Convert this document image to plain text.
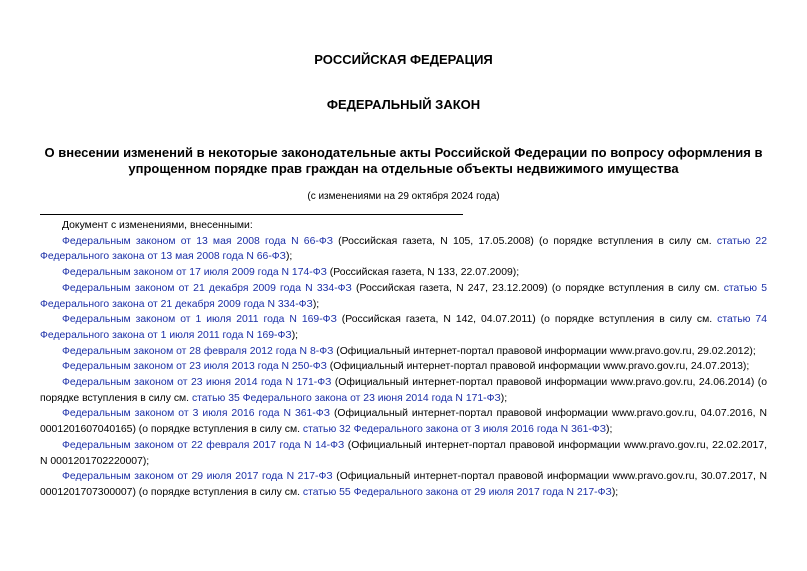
РОССИЙСКАЯ ФЕДЕРАЦИЯ
ФЕДЕРАЛЬНЫЙ ЗАКОН
О внесении изменений в некоторые законодательные акты Российской Федерации по вопросу оформления в упрощенном порядке прав граждан на отдельные объекты недвижимого имущества
(с изменениями на 29 октября 2024 года)

Документ с изменениями, внесенными:

Федеральным законом от 13 мая 2008 года N 66-ФЗ (Российская газета, N 105, 17.05.2008) (о порядке вступления в силу см. статью 22 Федерального закона от 13 мая 2008 года N 66-ФЗ);

Федеральным законом от 17 июля 2009 года N 174-ФЗ (Российская газета, N 133, 22.07.2009);

Федеральным законом от 21 декабря 2009 года N 334-ФЗ (Российская газета, N 247, 23.12.2009) (о порядке вступления в силу см. статью 5 Федерального закона от 21 декабря 2009 года N 334-ФЗ);

Федеральным законом от 1 июля 2011 года N 169-ФЗ (Российская газета, N 142, 04.07.2011) (о порядке вступления в силу см. статью 74 Федерального закона от 1 июля 2011 года N 169-ФЗ);

Федеральным законом от 28 февраля 2012 года N 8-ФЗ (Официальный интернет-портал правовой информации www.pravo.gov.ru, 29.02.2012);

Федеральным законом от 23 июля 2013 года N 250-ФЗ (Официальный интернет-портал правовой информации www.pravo.gov.ru, 24.07.2013);

Федеральным законом от 23 июня 2014 года N 171-ФЗ (Официальный интернет-портал правовой информации www.pravo.gov.ru, 24.06.2014) (о порядке вступления в силу см. статью 35 Федерального закона от 23 июня 2014 года N 171-ФЗ);

Федеральным законом от 3 июля 2016 года N 361-ФЗ (Официальный интернет-портал правовой информации www.pravo.gov.ru, 04.07.2016, N 0001201607040165) (о порядке вступления в силу см. статью 32 Федерального закона от 3 июля 2016 года N 361-ФЗ);

Федеральным законом от 22 февраля 2017 года N 14-ФЗ (Официальный интернет-портал правовой информации www.pravo.gov.ru, 22.02.2017, N 0001201702220007);

Федеральным законом от 29 июля 2017 года N 217-ФЗ (Официальный интернет-портал правовой информации www.pravo.gov.ru, 30.07.2017, N 0001201707300007) (о порядке вступления в силу см. статью 55 Федерального закона от 29 июля 2017 года N 217-ФЗ);
